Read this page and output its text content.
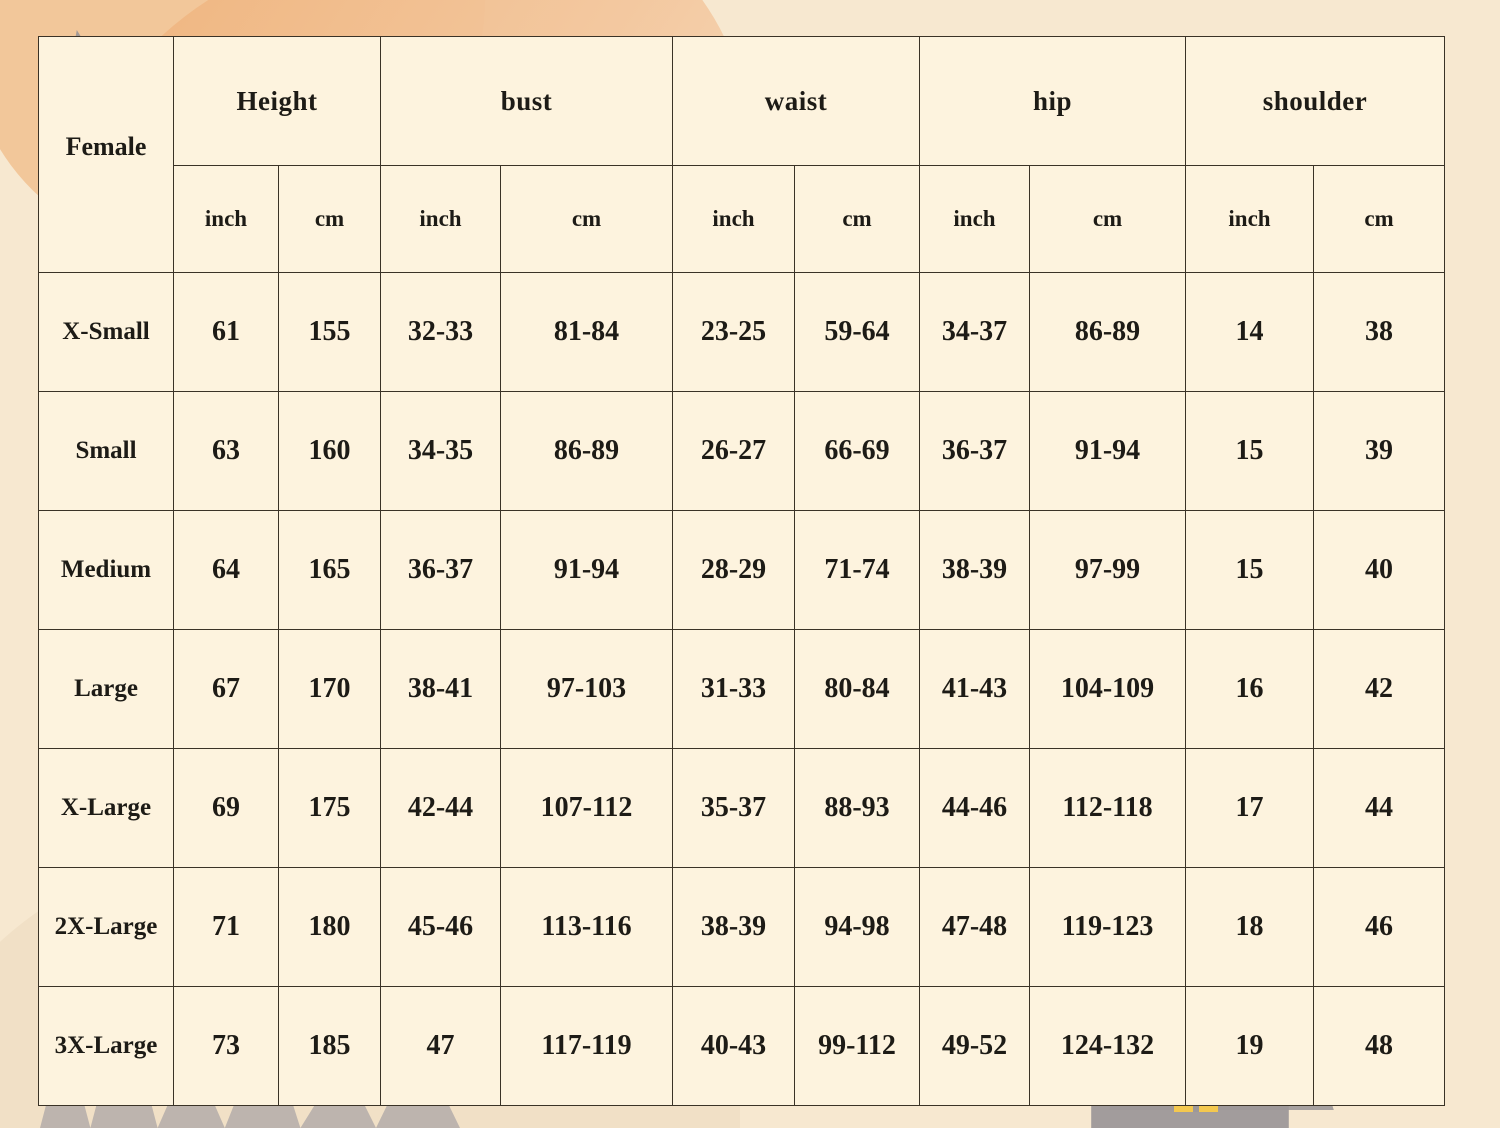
Female	Height		bust		waist		hip		shoulder	
	inch	cm	inch	cm	inch	cm	inch	cm	inch	cm
X-Small	61	155	32-33	81-84	23-25	59-64	34-37	86-89	14	38
Small	63	160	34-35	86-89	26-27	66-69	36-37	91-94	15	39
Medium	64	165	36-37	91-94	28-29	71-74	38-39	97-99	15	40
Large	67	170	38-41	97-103	31-33	80-84	41-43	104-109	16	42
X-Large	69	175	42-44	107-112	35-37	88-93	44-46	112-118	17	44
2X-Large	71	180	45-46	113-116	38-39	94-98	47-48	119-123	18	46
3X-Large	73	185	47	117-119	40-43	99-112	49-52	124-132	19	48
